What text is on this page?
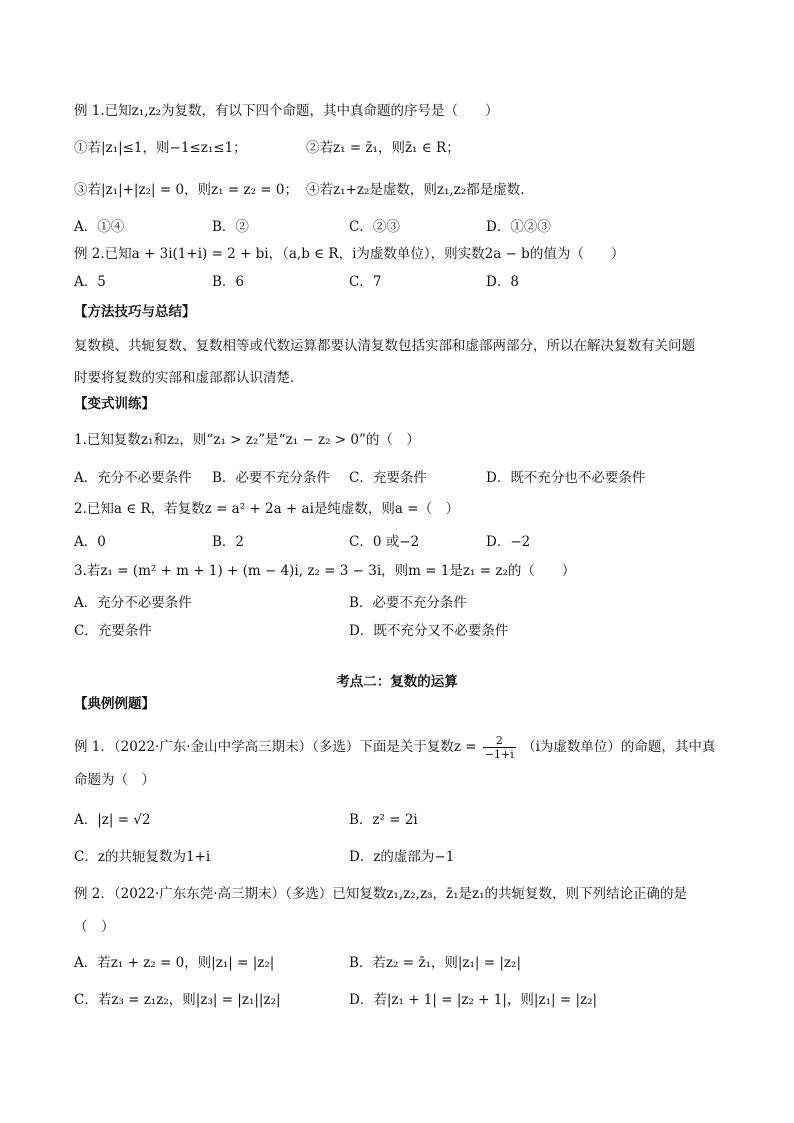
例 1.已知z₁,z₂为复数，有以下四个命题，其中真命题的序号是（　　）
①若|z₁|≤1，则−1≤z₁≤1；	②若z₁ = z̄₁，则z̄₁ ∈ R；
③若|z₁|+|z₂| = 0，则z₁ = z₂ = 0； ④若z₁+z₂是虚数，则z₁,z₂都是虚数.
A．①④	B．②	C．②③	D．①②③
例 2.已知a + 3i(1+i) = 2 + bi，（a,b ∈ R，i为虚数单位），则实数2a − b的值为（　　）
A．5	B．6	C．7	D．8
【方法技巧与总结】
复数模、共轭复数、复数相等或代数运算都要认清复数包括实部和虚部两部分，所以在解决复数有关问题
时要将复数的实部和虚部都认识清楚．
【变式训练】
1.已知复数z₁和z₂，则“z₁ > z₂”是“z₁ − z₂ > 0”的（　）
A．充分不必要条件 B．必要不充分条件 C．充要条件	D．既不充分也不必要条件
2.已知a ∈ R，若复数z = a² + 2a + ai是纯虚数，则a =（　）
A．0	B．2	C．0 或−2	D．−2
3.若z₁ = (m² + m + 1) + (m − 4)i, z₂ = 3 − 3i，则m = 1是z₁ = z₂的（　　）
A．充分不必要条件	B．必要不充分条件
C．充要条件	D．既不充分又不必要条件
考点二：复数的运算
【典例例题】
例 1．（2022·广东·金山中学高三期末）（多选）下面是关于复数$z = \frac{2}{-1+i} (i$为虚数单位）的命题，其中真
命题为（　）
A．|z| = √2	B．z² = 2i
C．z的共轭复数为1+i	D．z的虚部为−1
例 2．（2022·广东东莞·高三期末）（多选）已知复数z₁,z₂,z₃，z̄₁是z₁的共轭复数，则下列结论正确的是
（　）
A．若z₁ + z₂ = 0，则|z₁| = |z₂|	B．若z₂ = z̄₁，则|z₁| = |z₂|
C．若z₃ = z₁z₂，则|z₃| = |z₁||z₂|	D．若|z₁ + 1| = |z₂ + 1|，则|z₁| = |z₂|
